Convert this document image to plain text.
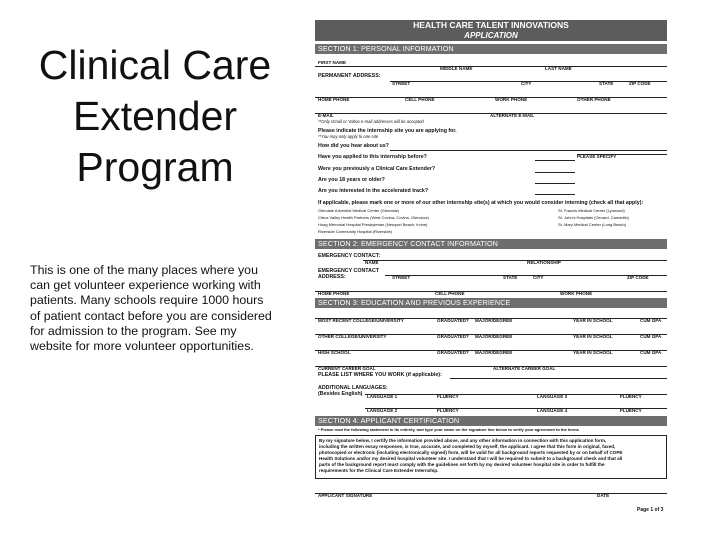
Clinical Care
Extender
Program
This is one of the many places where you can get volunteer experience working with patients. Many schools require 1000 hours of patient contact before you are considered for admission to the program. See my website for more volunteer opportunities.
HEALTH CARE TALENT INNOVATIONS
APPLICATION
SECTION 1: PERSONAL INFORMATION
FIRST NAME
MIDDLE NAME	LAST NAME
PERMANENT ADDRESS:
STREET	CITY	STATE	ZIP CODE
HOME PHONE	CELL PHONE	WORK PHONE	OTHER PHONE
E-MAIL	ALTERNATE E-MAIL
**Only Gmail or Yahoo e-mail addresses will be accepted
Please indicate the internship site you are applying for.
**You may only apply to one site
How did you hear about us?
Have you applied to this internship before?	PLEASE SPECIFY
Were you previously a Clinical Care Extender?
Are you 18 years or older?
Are you interested in the accelerated track?
If applicable, please mark one or more of our other internship site(s) at which you would consider interning (check all that apply):
Glendale Adventist Medical Center (Glendale)
Citrus Valley Health Partners (West Covina, Covina, Glendora)
Hoag Memorial Hospital Presbyterian (Newport Beach, Irvine)
Riverside Community Hospital (Riverside)
St. Francis Medical Center (Lynwood)
St. John's Hospitals (Oxnard, Camarillo)
St. Mary Medical Center (Long Beach)
SECTION 2: EMERGENCY CONTACT INFORMATION
EMERGENCY CONTACT:
NAME	RELATIONSHIP
EMERGENCY CONTACT
ADDRESS:	STREET	STATE	CITY	ZIP CODE
HOME PHONE	CELL PHONE	WORK PHONE
SECTION 3: EDUCATION AND PREVIOUS EXPERIENCE
MOST RECENT COLLEGE/UNIVERSITY	GRADUATED? MAJOR/DEGREE	YEAR IN SCHOOL	CUM GPA
OTHER COLLEGE/UNIVERSITY	GRADUATED? MAJOR/DEGREE	YEAR IN SCHOOL	CUM GPA
HIGH SCHOOL	GRADUATED? MAJOR/DEGREE	YEAR IN SCHOOL	CUM GPA
CURRENT CAREER GOAL	ALTERNATE CAREER GOAL
PLEASE LIST WHERE YOU WORK (if applicable):
ADDITIONAL LANGUAGES:
(Besides English) LANGUAGE 1	FLUENCY	LANGUAGE 3	FLUENCY
LANGUAGE 2	FLUENCY	LANGUAGE 4	FLUENCY
SECTION 4: APPLICANT CERTIFICATION
* Please read the following statement in its entirety, and type your name on the signature line below to verify your agreement to the terms
By my signature below, I certify the information provided above, and any other information in connection with this application form,
including the written essay responses, is true, accurate, and completed by myself, the applicant. I agree that this form in original, faxed,
photocopied or electronic (including electronically signed) form, will be valid for all background reports requested by or on behalf of COPE
Health Solutions and/or my desired hospital volunteer site. I understand that I will be required to submit to a background check and that all
parts of the background report must comply with the guidelines set forth by my desired volunteer hospital site in order to fulfill the
requirements for the Clinical Care Extender Internship.
APPLICANT SIGNATURE	DATE
Page 1 of 3
